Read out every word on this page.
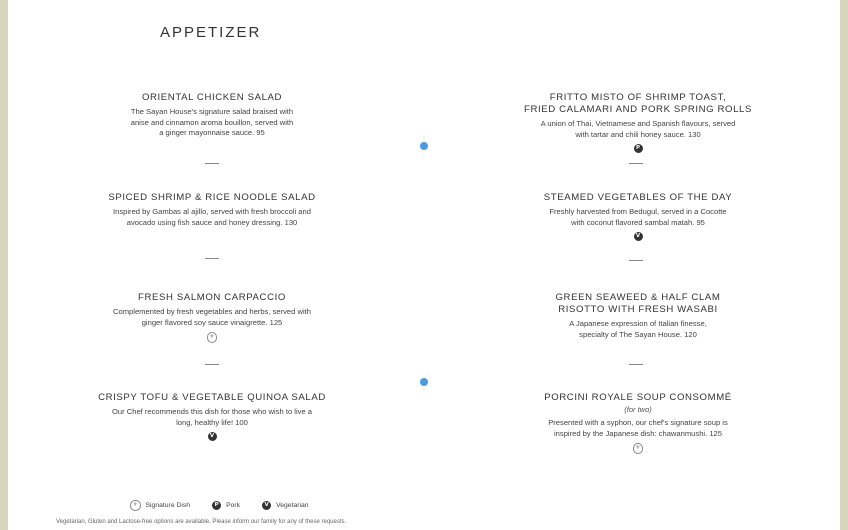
APPETIZER
ORIENTAL CHICKEN SALAD
The Sayan House's signature salad braised with
anise and cinnamon aroma bouillon, served with
a ginger mayonnaise sauce. 95
SPICED SHRIMP & RICE NOODLE SALAD
Inspired by Gambas al ajillo, served with fresh broccoli and
avocado using fish sauce and honey dressing. 130
FRESH SALMON CARPACCIO
Complemented by fresh vegetables and herbs, served with
ginger flavored soy sauce vinaigrette. 125
⚜
CRISPY TOFU & VEGETABLE QUINOA SALAD
Our Chef recommends this dish for those who wish to live a
long, healthy life! 100
V
FRITTO MISTO OF SHRIMP TOAST,
FRIED CALAMARI AND PORK SPRING ROLLS
A union of Thai, Vietnamese and Spanish flavours, served
with tartar and chili honey sauce. 130
P
STEAMED VEGETABLES OF THE DAY
Freshly harvested from Bedugul, served in a Cocotte
with coconut flavored sambal matah. 95
V
GREEN SEAWEED & HALF CLAM
RISOTTO WITH FRESH WASABI
A Japanese expression of Italian finesse,
specialty of The Sayan House. 120
PORCINI ROYALE SOUP CONSOMMÉ
(for two)
Presented with a syphon, our chef's signature soup is
inspired by the Japanese dish: chawanmushi. 125
⚜
⚜	Signature Dish	P	Pork	V	Vegetarian
Vegetarian, Gluten and Lactose-free options are available. Please inform our family for any of these requests.
